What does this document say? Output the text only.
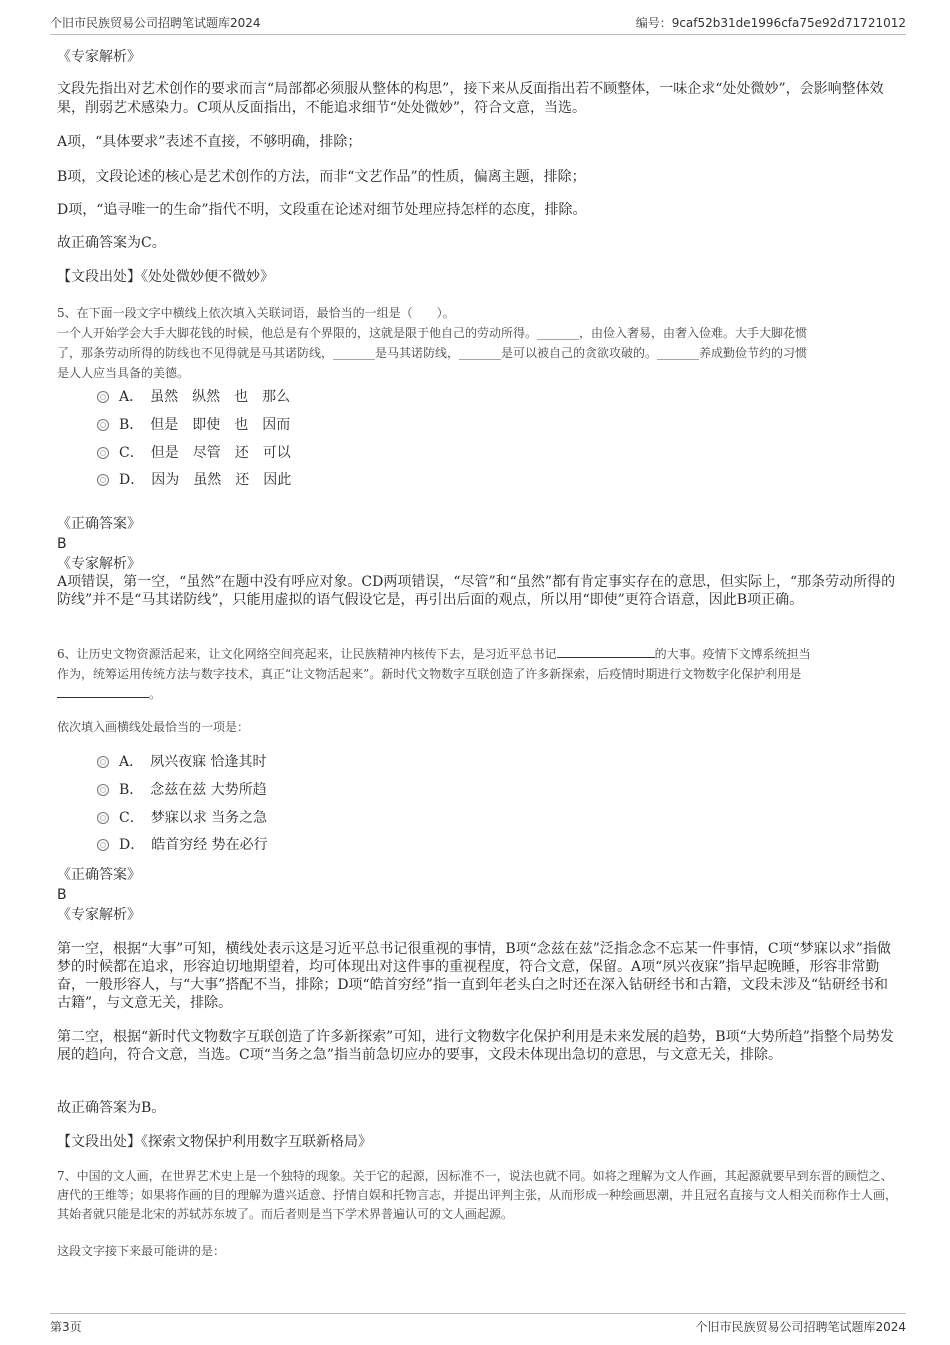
个旧市民族贸易公司招聘笔试题库2024	编号：9caf52b31de1996cfa75e92d71721012
《专家解析》
文段先指出对艺术创作的要求而言“局部都必须服从整体的构思”，接下来从反面指出若不顾整体，一味企求“处处微妙”，会影响整体效果，削弱艺术感染力。C项从反面指出，不能追求细节“处处微妙”，符合文意，当选。
A项，“具体要求”表述不直接，不够明确，排除；
B项，文段论述的核心是艺术创作的方法，而非“文艺作品”的性质，偏离主题，排除；
D项，“追寻唯一的生命”指代不明，文段重在论述对细节处理应持怎样的态度，排除。
故正确答案为C。
【文段出处】《处处微妙便不微妙》
5、在下面一段文字中横线上依次填入关联词语，最恰当的一组是（　　）。
一个人开始学会大手大脚花钱的时候，他总是有个界限的，这就是限于他自己的劳动所得。_______，由俭入奢易，由奢入俭难。大手大脚花惯
了，那条劳动所得的防线也不见得就是马其诺防线，_______是马其诺防线，_______是可以被自己的贪欲攻破的。_______养成勤俭节约的习惯
是人人应当具备的美德。
A．　虽然　纵然　也　那么
B．　但是　即使　也　因而
C．　但是　尽管　还　可以
D．　因为　虽然　还　因此
《正确答案》
B
《专家解析》
A项错误，第一空，“虽然”在题中没有呼应对象。CD两项错误，“尽管”和“虽然”都有肯定事实存在的意思，但实际上，“那条劳动所得的防线”并不是“马其诺防线”，只能用虚拟的语气假设它是，再引出后面的观点，所以用“即使”更符合语意，因此B项正确。
6、让历史文物资源活起来，让文化网络空间亮起来，让民族精神内核传下去，是习近平总书记	的大事。疫情下文博系统担当
作为，统筹运用传统方法与数字技术，真正“让文物活起来”。新时代文物数字互联创造了许多新探索，后疫情时期进行文物数字化保护利用是
。
依次填入画横线处最恰当的一项是：
A．　夙兴夜寐 恰逢其时
B．　念兹在兹 大势所趋
C．　梦寐以求 当务之急
D．　皓首穷经 势在必行
《正确答案》
B
《专家解析》
第一空，根据“大事”可知，横线处表示这是习近平总书记很重视的事情，B项“念兹在兹”泛指念念不忘某一件事情，C项“梦寐以求”指做梦的时候都在追求，形容迫切地期望着，均可体现出对这件事的重视程度，符合文意，保留。A项“夙兴夜寐”指早起晚睡，形容非常勤奋，一般形容人，与“大事”搭配不当，排除；D项“皓首穷经”指一直到年老头白之时还在深入钻研经书和古籍，文段未涉及“钻研经书和古籍”，与文意无关，排除。
第二空，根据“新时代文物数字互联创造了许多新探索”可知，进行文物数字化保护利用是未来发展的趋势，B项“大势所趋”指整个局势发展的趋向，符合文意，当选。C项“当务之急”指当前急切应办的要事，文段未体现出急切的意思，与文意无关，排除。
故正确答案为B。
【文段出处】《探索文物保护利用数字互联新格局》
7、中国的文人画，在世界艺术史上是一个独特的现象。关于它的起源，因标准不一，说法也就不同。如将之理解为文人作画，其起源就要早到东晋的顾恺之、唐代的王维等；如果将作画的目的理解为遣兴适意、抒情自娱和托物言志，并提出评判主张，从而形成一种绘画思潮，并且冠名直接与文人相关而称作士人画，其始者就只能是北宋的苏轼苏东坡了。而后者则是当下学术界普遍认可的文人画起源。
这段文字接下来最可能讲的是：
第3页	个旧市民族贸易公司招聘笔试题库2024
